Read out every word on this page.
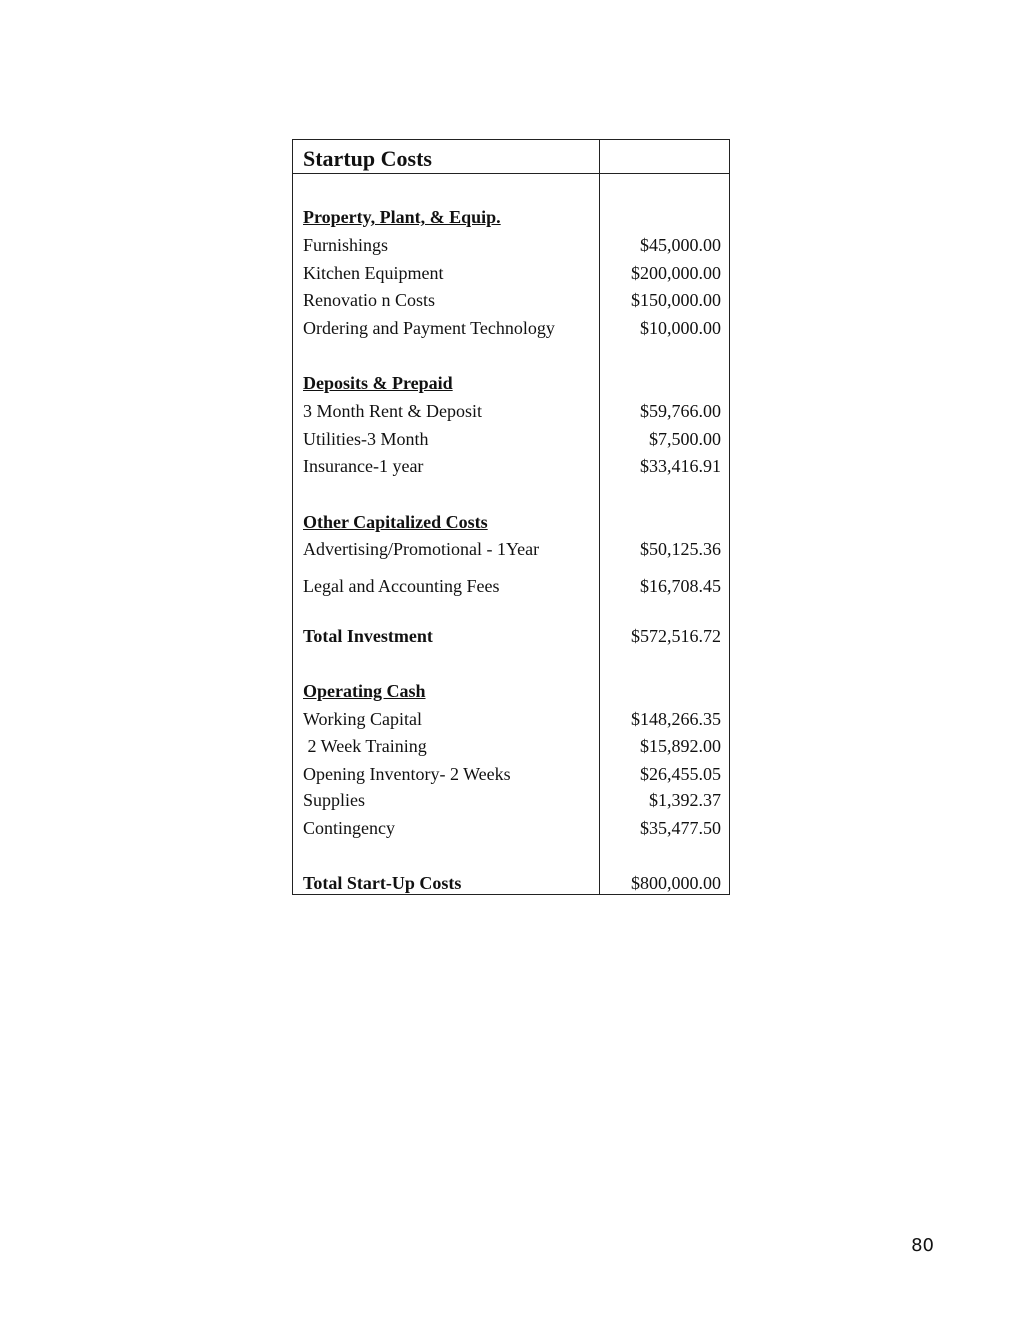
Startup Costs
Property, Plant, & Equip.
Furnishings	$45,000.00
Kitchen Equipment	$200,000.00
Renovatio n Costs	$150,000.00
Ordering and Payment Technology	$10,000.00
Deposits & Prepaid
3 Month Rent & Deposit	$59,766.00
Utilities-3 Month	$7,500.00
Insurance-1 year	$33,416.91
Other Capitalized Costs
Advertising/Promotional - 1Year	$50,125.36
Legal and Accounting Fees	$16,708.45
Total Investment	$572,516.72
Operating Cash
Working Capital	$148,266.35
2 Week Training	$15,892.00
Opening Inventory- 2 Weeks	$26,455.05
Supplies	$1,392.37
Contingency	$35,477.50
Total Start-Up Costs	$800,000.00
80
